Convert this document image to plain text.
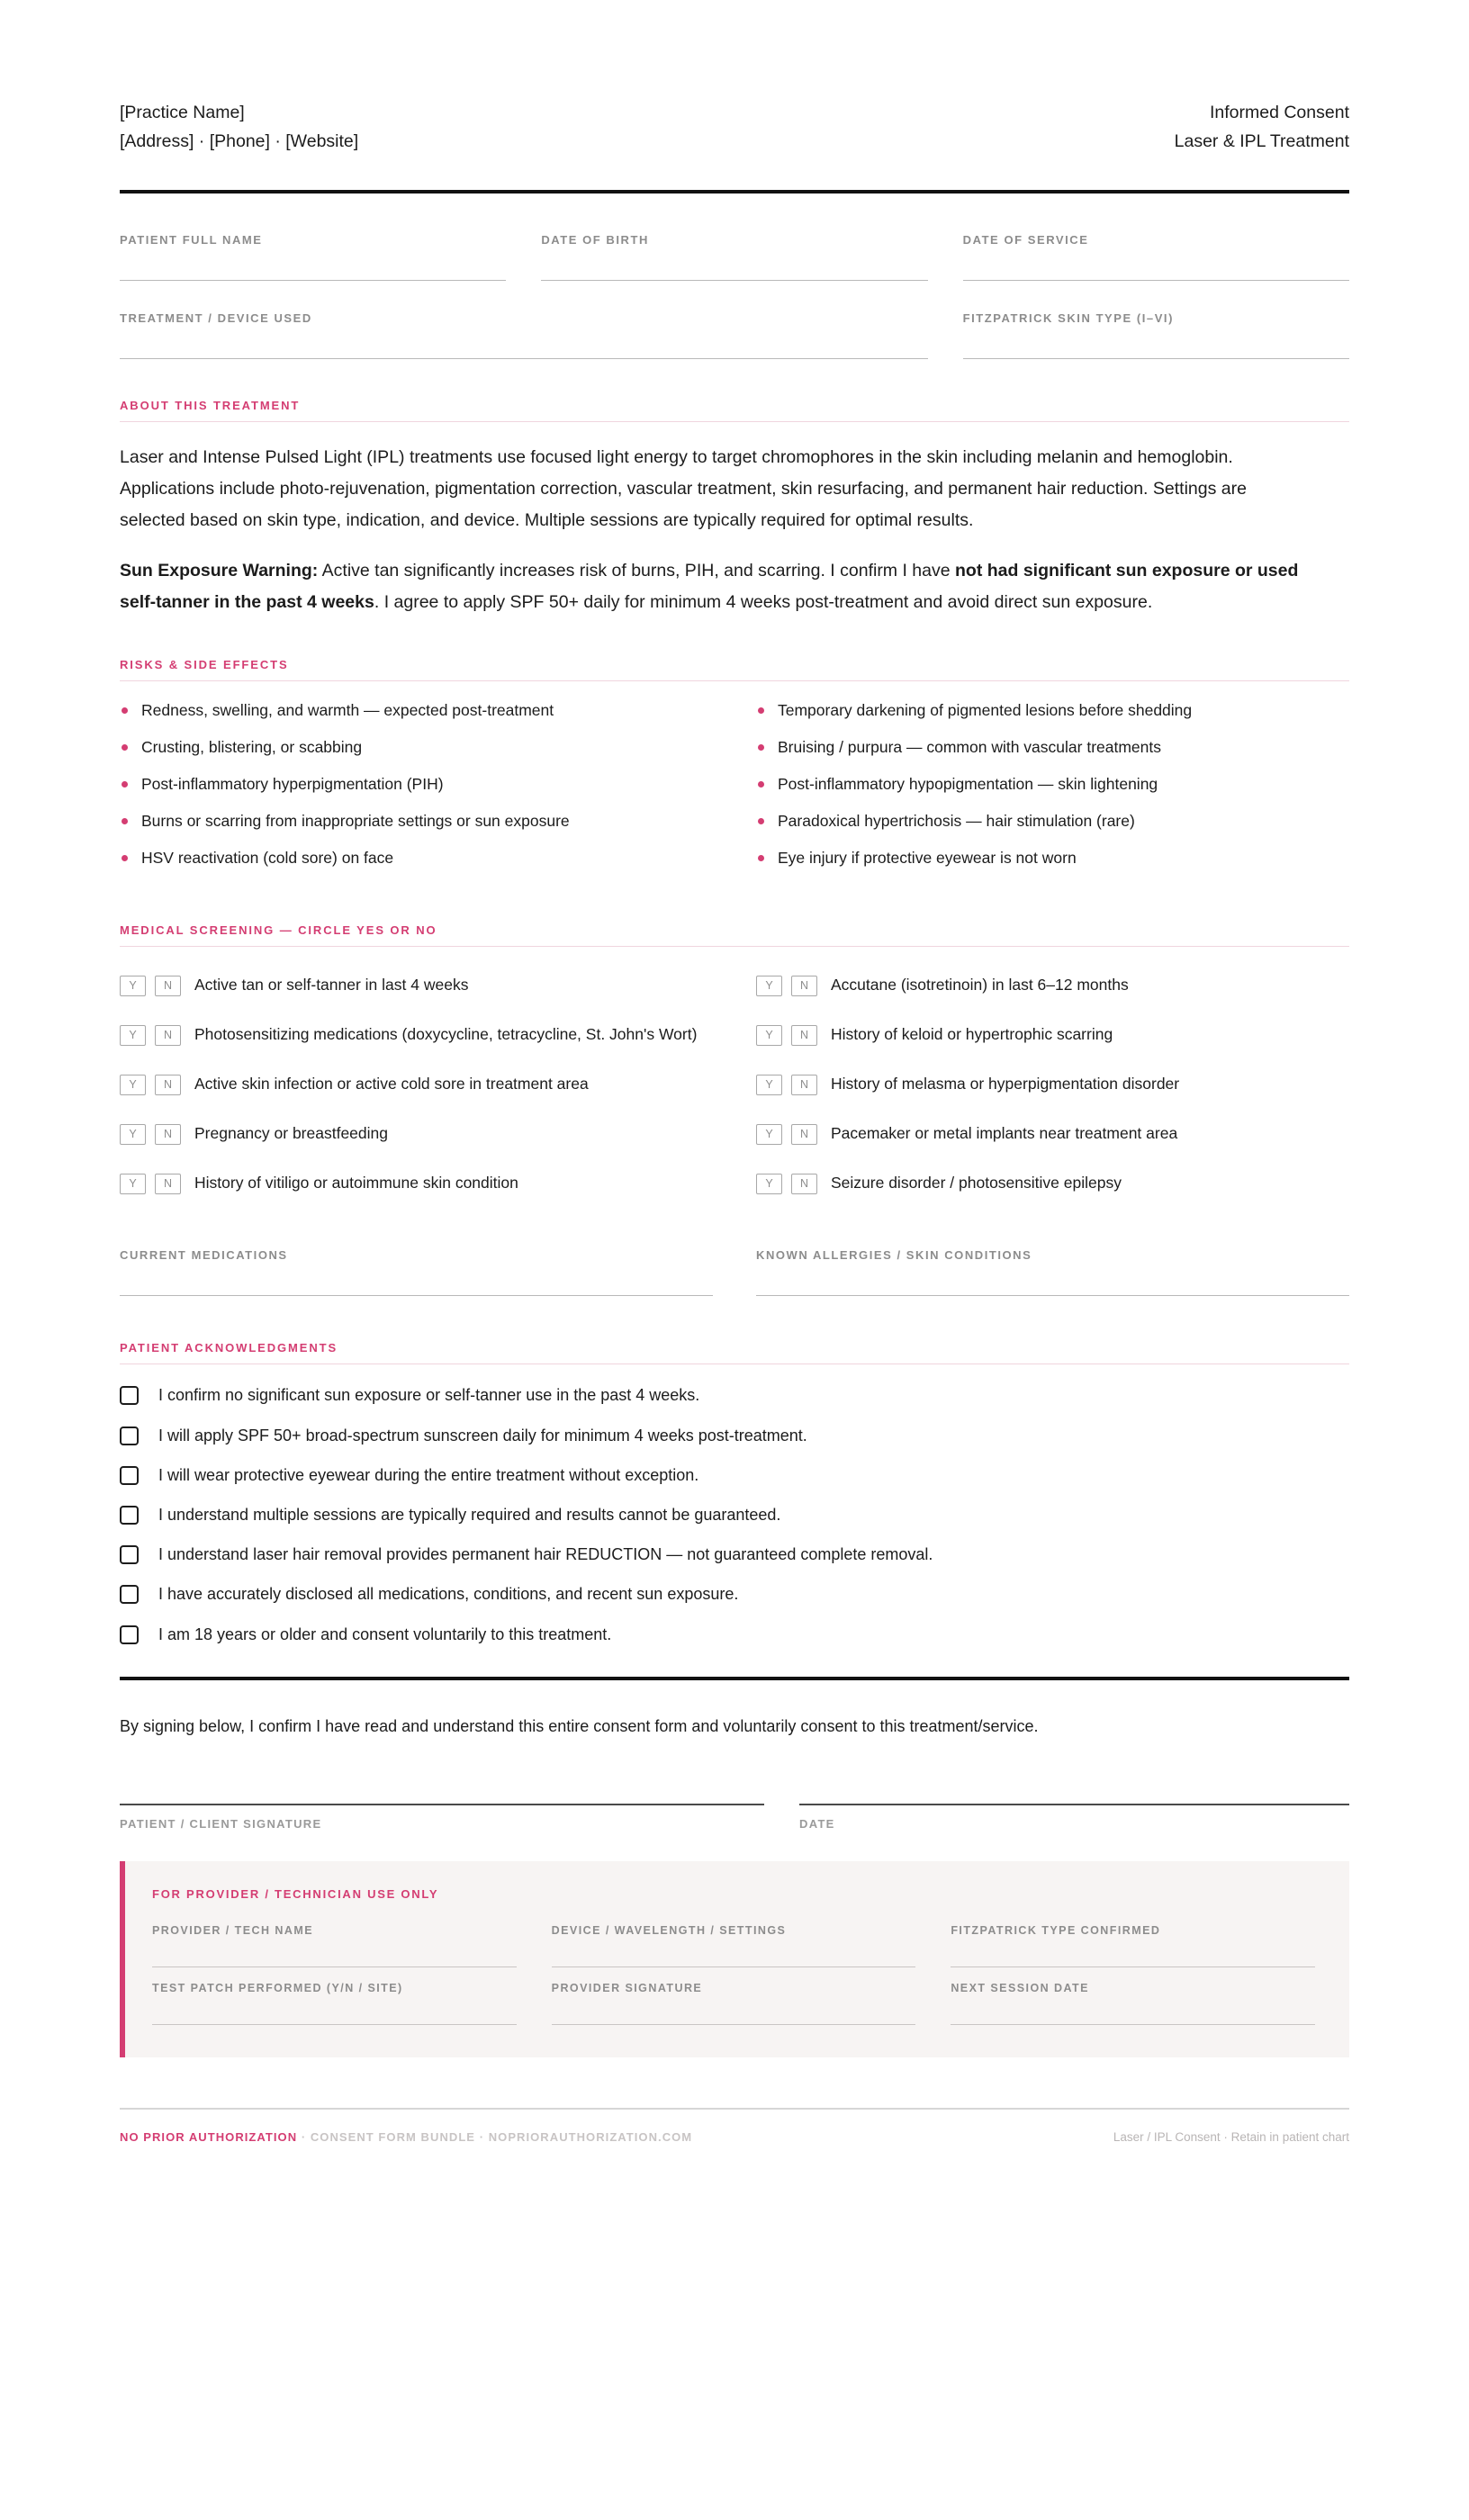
[Practice Name]
[Address] · [Phone] · [Website]
Informed Consent
Laser & IPL Treatment
PATIENT FULL NAME	DATE OF BIRTH	DATE OF SERVICE
TREATMENT / DEVICE USED	FITZPATRICK SKIN TYPE (I–VI)
ABOUT THIS TREATMENT

Laser and Intense Pulsed Light (IPL) treatments use focused light energy to target chromophores in the skin including melanin and hemoglobin. Applications include photo-rejuvenation, pigmentation correction, vascular treatment, skin resurfacing, and permanent hair reduction. Settings are selected based on skin type, indication, and device. Multiple sessions are typically required for optimal results.

Sun Exposure Warning: Active tan significantly increases risk of burns, PIH, and scarring. I confirm I have not had significant sun exposure or used self-tanner in the past 4 weeks. I agree to apply SPF 50+ daily for minimum 4 weeks post-treatment and avoid direct sun exposure.

RISKS & SIDE EFFECTS
Redness, swelling, and warmth — expected post-treatment
Crusting, blistering, or scabbing
Post-inflammatory hyperpigmentation (PIH)
Burns or scarring from inappropriate settings or sun exposure
HSV reactivation (cold sore) on face
Temporary darkening of pigmented lesions before shedding
Bruising / purpura — common with vascular treatments
Post-inflammatory hypopigmentation — skin lightening
Paradoxical hypertrichosis — hair stimulation (rare)
Eye injury if protective eyewear is not worn
MEDICAL SCREENING — CIRCLE YES OR NO
Y	N	Active tan or self-tanner in last 4 weeks
Y	N	Photosensitizing medications (doxycycline, tetracycline, St. John's Wort)
Y	N	Active skin infection or active cold sore in treatment area
Y	N	Pregnancy or breastfeeding
Y	N	History of vitiligo or autoimmune skin condition
Y	N	Accutane (isotretinoin) in last 6–12 months
Y	N	History of keloid or hypertrophic scarring
Y	N	History of melasma or hyperpigmentation disorder
Y	N	Pacemaker or metal implants near treatment area
Y	N	Seizure disorder / photosensitive epilepsy
CURRENT MEDICATIONS	KNOWN ALLERGIES / SKIN CONDITIONS
PATIENT ACKNOWLEDGMENTS
I confirm no significant sun exposure or self-tanner use in the past 4 weeks.
I will apply SPF 50+ broad-spectrum sunscreen daily for minimum 4 weeks post-treatment.
I will wear protective eyewear during the entire treatment without exception.
I understand multiple sessions are typically required and results cannot be guaranteed.
I understand laser hair removal provides permanent hair REDUCTION — not guaranteed complete removal.
I have accurately disclosed all medications, conditions, and recent sun exposure.
I am 18 years or older and consent voluntarily to this treatment.

By signing below, I confirm I have read and understand this entire consent form and voluntarily consent to this treatment/service.

PATIENT / CLIENT SIGNATURE	DATE
FOR PROVIDER / TECHNICIAN USE ONLY
PROVIDER / TECH NAME	DEVICE / WAVELENGTH / SETTINGS	FITZPATRICK TYPE CONFIRMED
TEST PATCH PERFORMED (Y/N / SITE)	PROVIDER SIGNATURE	NEXT SESSION DATE
NO PRIOR AUTHORIZATION · CONSENT FORM BUNDLE · NOPRIORAUTHORIZATION.COM	Laser / IPL Consent · Retain in patient chart
